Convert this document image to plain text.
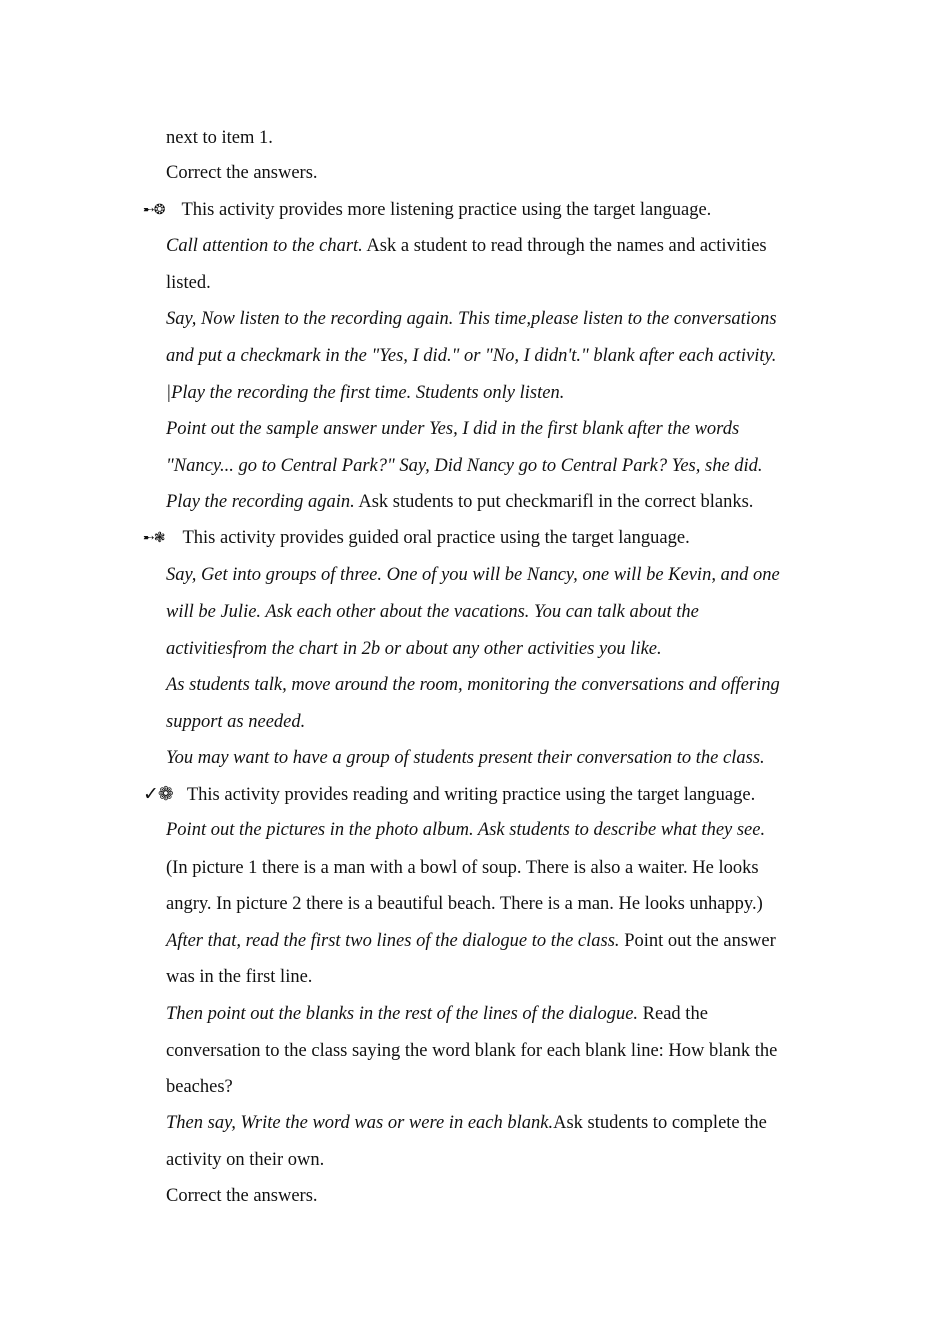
next to item 1.
Correct the answers.
➸❂ This activity provides more listening practice using the target language.
Call attention to the chart. Ask a student to read through the names and activities
listed.
Say, Now listen to the recording again. This time,please listen to the conversations
and put a checkmark in the "Yes, I did." or "No, I didn't." blank after each activity.
|Play the recording the first time. Students only listen.
Point out the sample answer under Yes, I did in the first blank after the words
"Nancy... go to Central Park?" Say, Did Nancy go to Central Park? Yes, she did.
Play the recording again. Ask students to put checkmarifl in the correct blanks.
➸❃ This activity provides guided oral practice using the target language.
Say, Get into groups of three. One of you will be Nancy, one will be Kevin, and one
will be Julie. Ask each other about the vacations. You can talk about the
activitiesfrom the chart in 2b or about any other activities you like.
As students talk, move around the room, monitoring the conversations and offering
support as needed.
You may want to have a group of students present their conversation to the class.
✓❁ This activity provides reading and writing practice using the target language.
Point out the pictures in the photo album. Ask students to describe what they see.
(In picture 1 there is a man with a bowl of soup. There is also a waiter. He looks
angry. In picture 2 there is a beautiful beach. There is a man. He looks unhappy.)
After that, read the first two lines of the dialogue to the class. Point out the answer
was in the first line.
Then point out the blanks in the rest of the lines of the dialogue. Read the
conversation to the class saying the word blank for each blank line: How blank the
beaches?
Then say, Write the word was or were in each blank.Ask students to complete the
activity on their own.
Correct the answers.
